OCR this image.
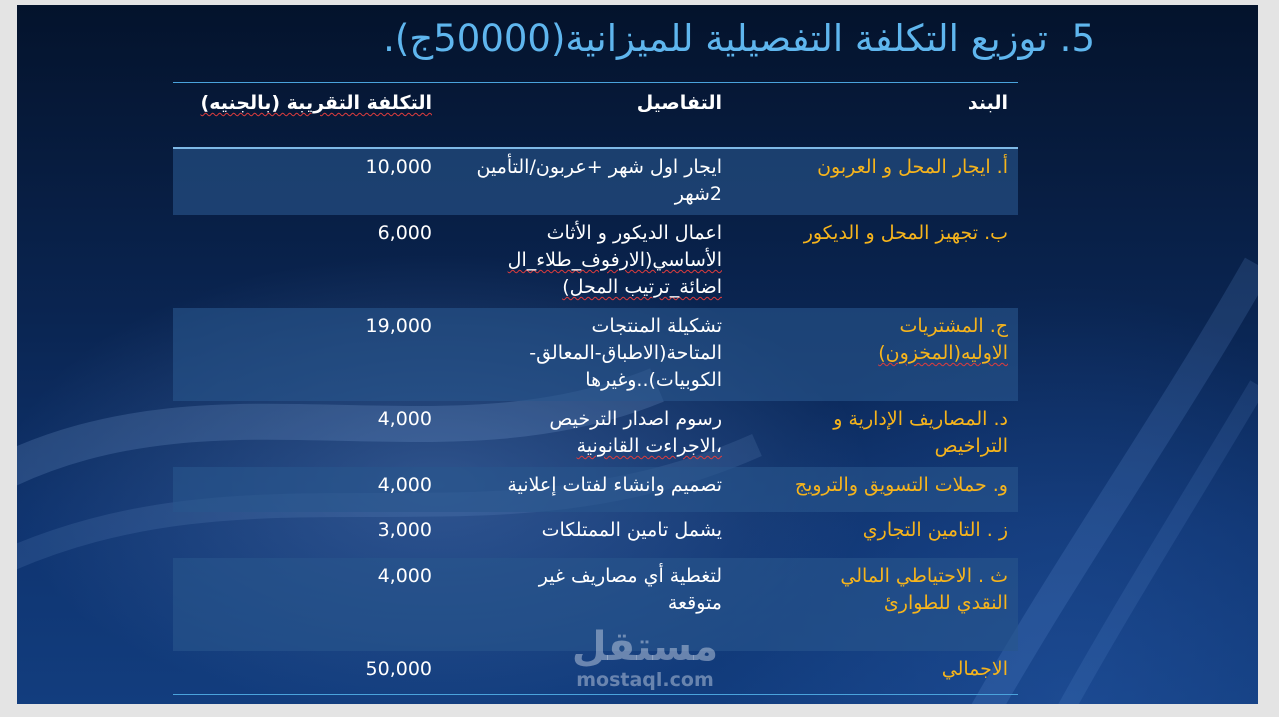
5. توزيع التكلفة التفصيلية للميزانية(50000ج).
البند
التفاصيل
التكلفة التقريبة (بالجنيه)
أ. ايجار المحل و العربون
ايجار اول شهر +عربون/التأمين 2شهر
10,000
ب. تجهيز المحل و الديكور
اعمال الديكور و الأثاث
الأساسي(الارفوف_طلاء_ال
اضائة_ترتيب المحل)
6,000
ج. المشتريات
الاوليه(المخزون)
تشكيلة المنتجات
المتاحة(الاطباق-المعالق-
الكوبيات)..وغيرها
19,000
د. المصاريف الإدارية و
التراخيص
رسوم اصدار الترخيص
،الاجراءت القانونية
4,000
و. حملات التسويق والترويج
تصميم وانشاء لفتات إعلانية
4,000
ز . التامين التجاري
يشمل تامين الممتلكات
3,000
ث . الاحتياطي المالي
النقدي للطوارئ
لتغطية أي مصاريف غير
متوقعة
4,000
الاجمالي
50,000	مستقل
mostaql.com
